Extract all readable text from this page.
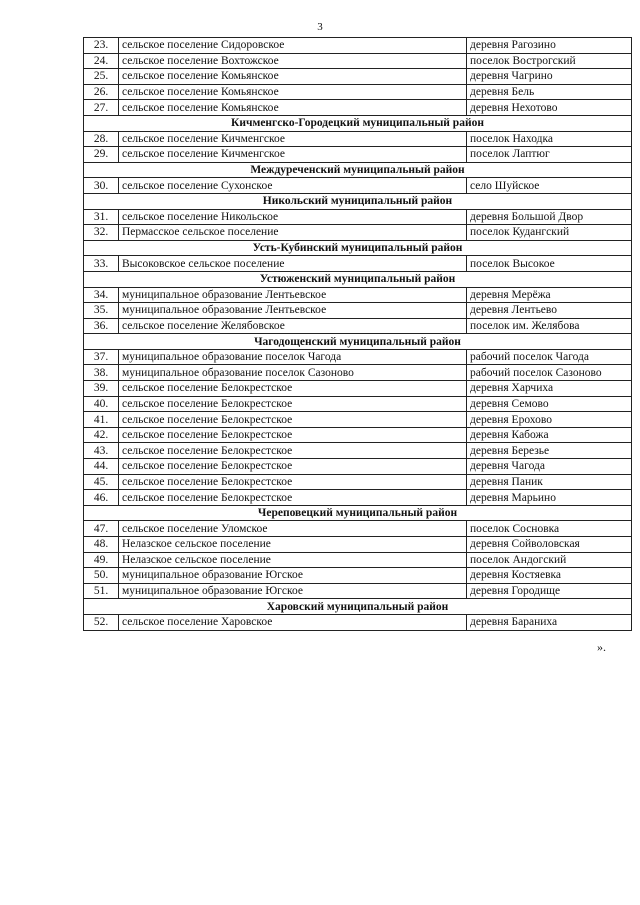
3
23.	сельское поселение Сидоровское	деревня Рагозино
24.	сельское поселение Вохтожское	поселок Вострогский
25.	сельское поселение Комьянское	деревня Чагрино
26.	сельское поселение Комьянское	деревня Бель
27.	сельское поселение Комьянское	деревня Нехотово
Кичменгско-Городецкий муниципальный район		
28.	сельское поселение Кичменгское	поселок Находка
29.	сельское поселение Кичменгское	поселок Лаптюг
Междуреченский муниципальный район		
30.	сельское поселение Сухонское	село Шуйское
Никольский муниципальный район		
31.	сельское поселение Никольское	деревня Большой Двор
32.	Пермасское сельское поселение	поселок Кудангский
Усть-Кубинский муниципальный район		
33.	Высоковское сельское поселение	поселок Высокое
Устюженский муниципальный район		
34.	муниципальное образование Лентьевское	деревня Мерёжа
35.	муниципальное образование Лентьевское	деревня Лентьево
36.	сельское поселение Желябовское	поселок им. Желябова
Чагодощенский муниципальный район		
37.	муниципальное образование поселок Чагода	рабочий поселок Чагода
38.	муниципальное образование поселок Сазоново	рабочий поселок Сазоново
39.	сельское поселение Белокрестское	деревня Харчиха
40.	сельское поселение Белокрестское	деревня Семово
41.	сельское поселение Белокрестское	деревня Ерохово
42.	сельское поселение Белокрестское	деревня Кабожа
43.	сельское поселение Белокрестское	деревня Березье
44.	сельское поселение Белокрестское	деревня Чагода
45.	сельское поселение Белокрестское	деревня Паник
46.	сельское поселение Белокрестское	деревня Марьино
Череповецкий муниципальный район		
47.	сельское поселение Уломское	поселок Сосновка
48.	Нелазское сельское поселение	деревня Сойволовская
49.	Нелазское сельское поселение	поселок Андогский
50.	муниципальное образование Югское	деревня Костяевка
51.	муниципальное образование Югское	деревня Городище
Харовский муниципальный район		
52.	сельское поселение Харовское	деревня Бараниха
».
